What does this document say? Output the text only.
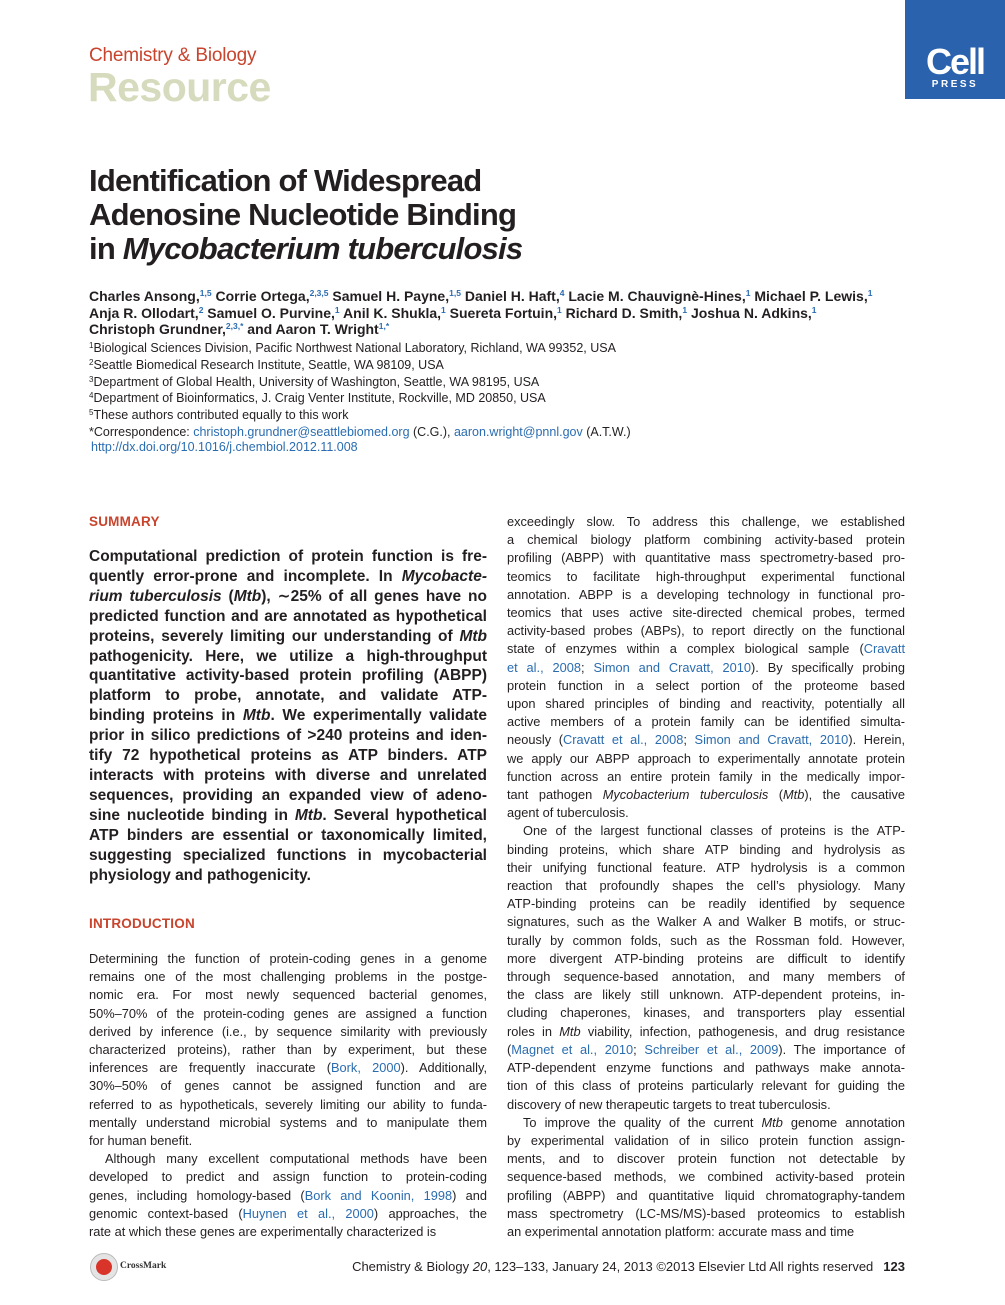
Chemistry & Biology
Resource
Cell
PRESS
Identification of Widespread
Adenosine Nucleotide Binding
in Mycobacterium tuberculosis
Charles Ansong,$^{1,5}$ Corrie Ortega,$^{2,3,5}$ Samuel H. Payne,$^{1,5}$ Daniel H. Haft,$^4$ Lacie M. Chauvignè-Hines,$^1$ Michael P. Lewis,$^1$
Anja R. Ollodart,$^2$ Samuel O. Purvine,$^1$ Anil K. Shukla,$^1$ Suereta Fortuin,$^1$ Richard D. Smith,$^1$ Joshua N. Adkins,$^1$
Christoph Grundner,$^{2,3,*}$ and Aaron T. Wright$^{1,*}$
$^1$Biological Sciences Division, Pacific Northwest National Laboratory, Richland, WA 99352, USA
$^2$Seattle Biomedical Research Institute, Seattle, WA 98109, USA
$^3$Department of Global Health, University of Washington, Seattle, WA 98195, USA
$^4$Department of Bioinformatics, J. Craig Venter Institute, Rockville, MD 20850, USA
$^5$These authors contributed equally to this work
*Correspondence: christoph.grundner@seattlebiomed.org (C.G.), aaron.wright@pnnl.gov (A.T.W.)
http://dx.doi.org/10.1016/j.chembiol.2012.11.008
SUMMARY
Computational prediction of protein function is fre-
quently error-prone and incomplete. In Mycobacte-
rium tuberculosis (Mtb), ∼25% of all genes have no
predicted function and are annotated as hypothetical
proteins, severely limiting our understanding of Mtb
pathogenicity. Here, we utilize a high-throughput
quantitative activity-based protein profiling (ABPP)
platform to probe, annotate, and validate ATP-
binding proteins in Mtb. We experimentally validate
prior in silico predictions of >240 proteins and iden-
tify 72 hypothetical proteins as ATP binders. ATP
interacts with proteins with diverse and unrelated
sequences, providing an expanded view of adeno-
sine nucleotide binding in Mtb. Several hypothetical
ATP binders are essential or taxonomically limited,
suggesting specialized functions in mycobacterial
physiology and pathogenicity.
INTRODUCTION
Determining the function of protein-coding genes in a genome
remains one of the most challenging problems in the postge-
nomic era. For most newly sequenced bacterial genomes,
50%–70% of the protein-coding genes are assigned a function
derived by inference (i.e., by sequence similarity with previously
characterized proteins), rather than by experiment, but these
inferences are frequently inaccurate (Bork, 2000). Additionally,
30%–50% of genes cannot be assigned function and are
referred to as hypotheticals, severely limiting our ability to funda-
mentally understand microbial systems and to manipulate them
for human benefit.
Although many excellent computational methods have been
developed to predict and assign function to protein-coding
genes, including homology-based (Bork and Koonin, 1998) and
genomic context-based (Huynen et al., 2000) approaches, the
rate at which these genes are experimentally characterized is
exceedingly slow. To address this challenge, we established
a chemical biology platform combining activity-based protein
profiling (ABPP) with quantitative mass spectrometry-based pro-
teomics to facilitate high-throughput experimental functional
annotation. ABPP is a developing technology in functional pro-
teomics that uses active site-directed chemical probes, termed
activity-based probes (ABPs), to report directly on the functional
state of enzymes within a complex biological sample (Cravatt
et al., 2008; Simon and Cravatt, 2010). By specifically probing
protein function in a select portion of the proteome based
upon shared principles of binding and reactivity, potentially all
active members of a protein family can be identified simulta-
neously (Cravatt et al., 2008; Simon and Cravatt, 2010). Herein,
we apply our ABPP approach to experimentally annotate protein
function across an entire protein family in the medically impor-
tant pathogen Mycobacterium tuberculosis (Mtb), the causative
agent of tuberculosis.
One of the largest functional classes of proteins is the ATP-
binding proteins, which share ATP binding and hydrolysis as
their unifying functional feature. ATP hydrolysis is a common
reaction that profoundly shapes the cell’s physiology. Many
ATP-binding proteins can be readily identified by sequence
signatures, such as the Walker A and Walker B motifs, or struc-
turally by common folds, such as the Rossman fold. However,
more divergent ATP-binding proteins are difficult to identify
through sequence-based annotation, and many members of
the class are likely still unknown. ATP-dependent proteins, in-
cluding chaperones, kinases, and transporters play essential
roles in Mtb viability, infection, pathogenesis, and drug resistance
(Magnet et al., 2010; Schreiber et al., 2009). The importance of
ATP-dependent enzyme functions and pathways make annota-
tion of this class of proteins particularly relevant for guiding the
discovery of new therapeutic targets to treat tuberculosis.
To improve the quality of the current Mtb genome annotation
by experimental validation of in silico protein function assign-
ments, and to discover protein function not detectable by
sequence-based methods, we combined activity-based protein
profiling (ABPP) and quantitative liquid chromatography-tandem
mass spectrometry (LC-MS/MS)-based proteomics to establish
an experimental annotation platform: accurate mass and time
CrossMark	Chemistry & Biology 20, 123–133, January 24, 2013 ©2013 Elsevier Ltd All rights reserved 123
